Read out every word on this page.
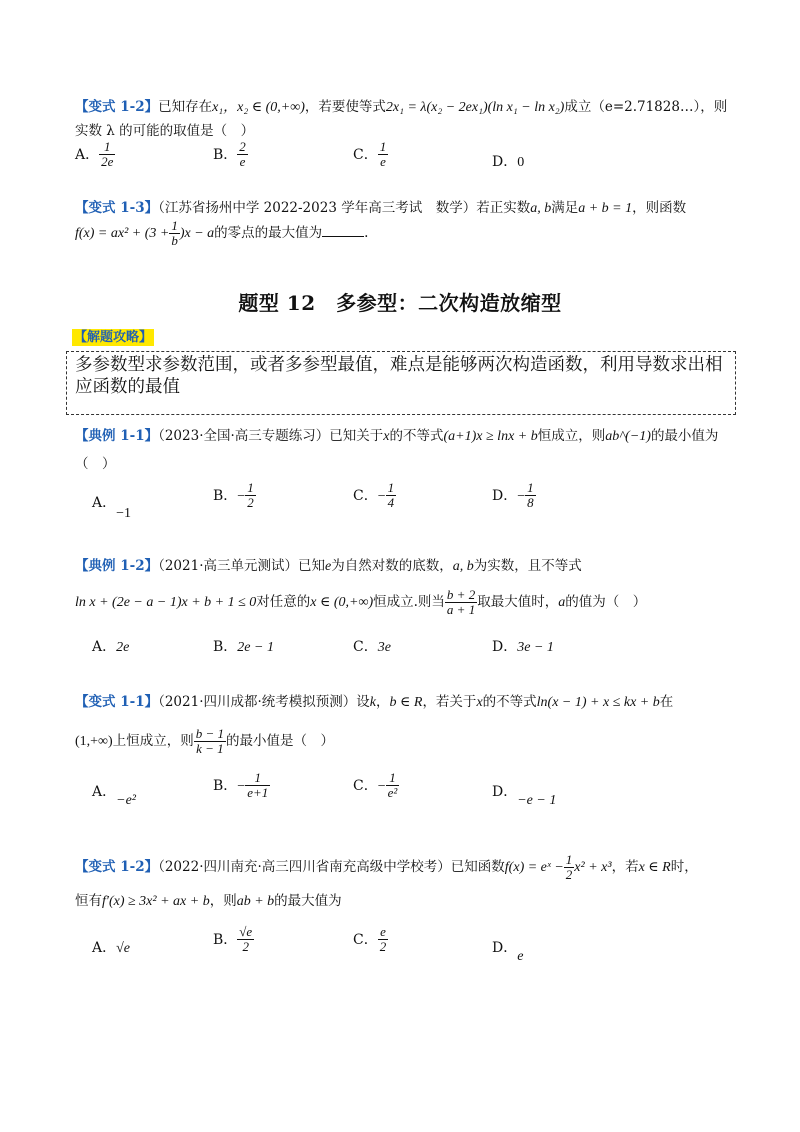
【变式 1-2】已知存在x₁，x₂ ∈ (0,+∞)，若要使等式2x₁ = λ(x₂ − 2ex₁)(ln x₁ − ln x₂)成立（e=2.71828…），则
实数 λ 的可能的取值是（　）
A． $\frac{1}{2e}$	B． $\frac{2}{e}$	C． $\frac{1}{e}$	D．0
【变式 1-3】（江苏省扬州中学 2022-2023 学年高三考试　数学）若正实数a, b满足a + b = 1，则函数
$f(x) = ax^2 + (3 + \frac{1}{b} )x - a$的零点的最大值为	.
题型 12　多参型：二次构造放缩型
【解题攻略】
多参数型求参数范围，或者多参型最值，难点是能够两次构造函数，利用导数求出相应函数的最值
【典例 1-1】（2023·全国·高三专题练习）已知关于x的不等式(a+1)x ≥ lnx + b恒成立，则ab^(−1)的最小值为
（　）
A．−1
B．− $\frac{1}{2}$	C．− $\frac{1}{4}$	D．− $\frac{1}{8}$
【典例 1-2】（2021·高三单元测试）已知e为自然对数的底数，a, b为实数，且不等式
ln x + (2e − a − 1)x + b + 1 ≤ 0对任意的x ∈ (0,+∞)恒成立.则当 $\frac{b + 2}{a + 1}$ 取最大值时，a的值为（　）
A．2e	B．2e − 1	C．3e	D．3e − 1
【变式 1-1】（2021·四川成都·统考模拟预测）设k，b ∈ R，若关于x的不等式ln(x − 1) + x ≤ kx + b在
(1,+∞)上恒成立，则 $\frac{b - 1}{k - 1}$ 的最小值是（　）
A．−e²
B．− $\frac{1}{e+1}$	C．− $\frac{1}{\text{e²}}$	D．−e − 1
【变式 1-2】（2022·四川南充·高三四川省南充高级中学校考）已知函数f(x) = eˣ − $\frac{1}{2} x^2 + x^3$，若x ∈ R时，
恒有f′(x) ≥ 3x² + ax + b，则ab + b的最大值为
A．√e
B． $\frac{√e}{2}$	C． $\frac{e}{2}$	D．e
